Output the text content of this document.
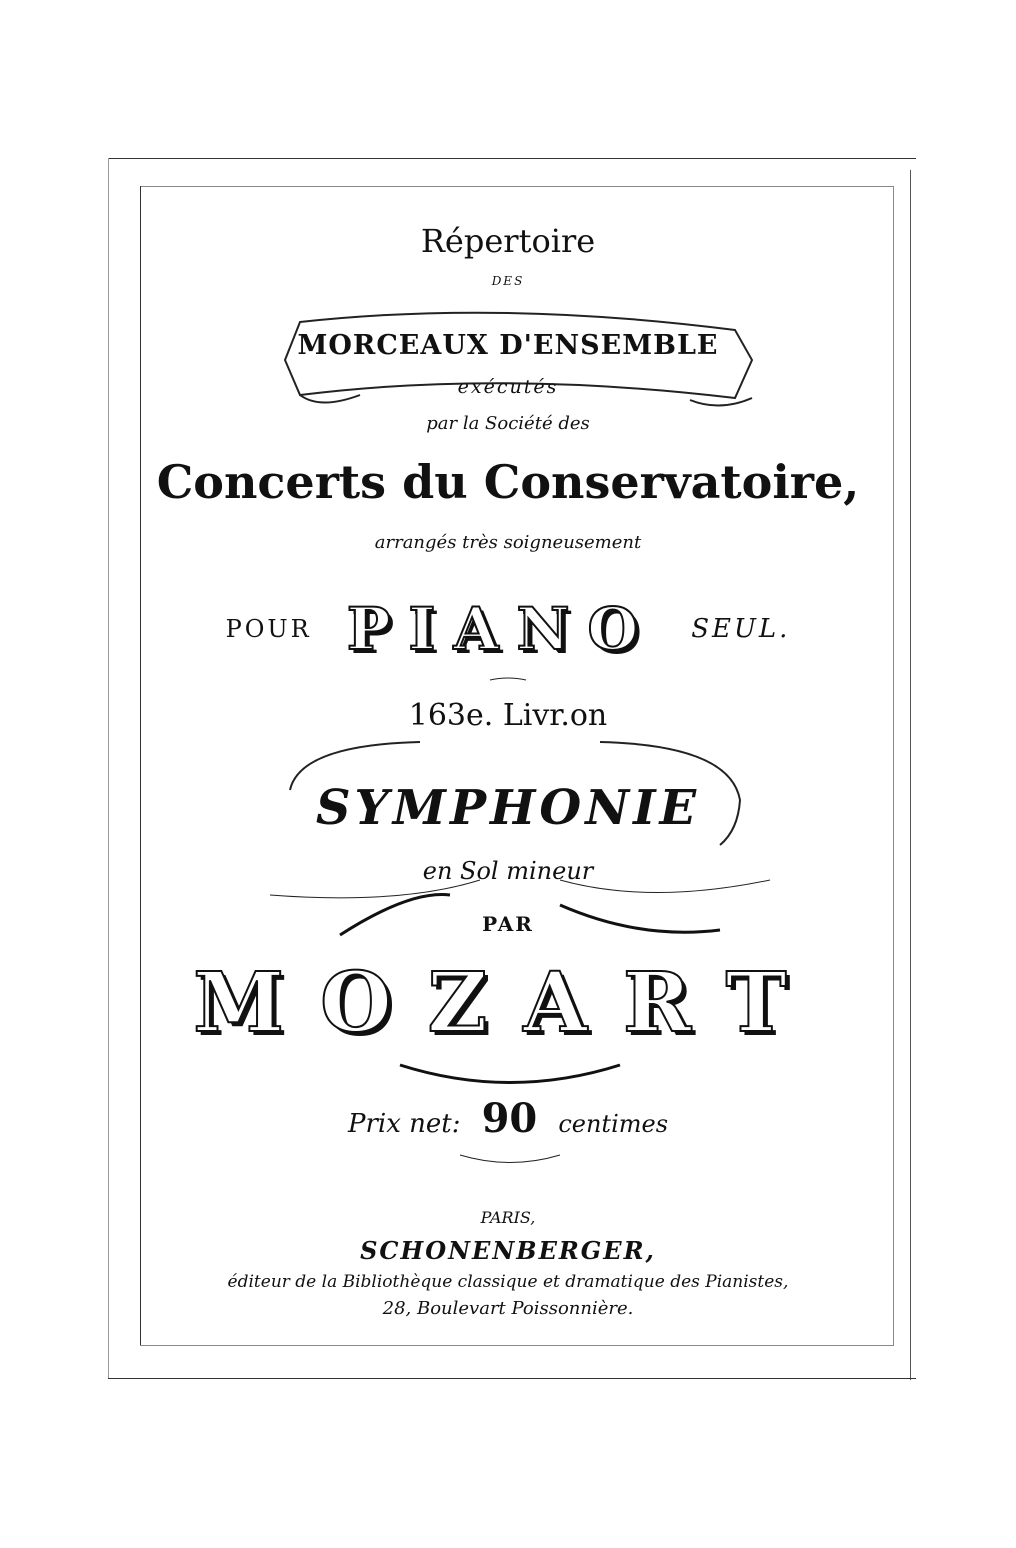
Répertoire
DES
MORCEAUX D'ENSEMBLE
exécutés
par la Société des
Concerts du Conservatoire,
arrangés très soigneusement
POUR PIANO SEUL.
163e. Livr.on
SYMPHONIE
en Sol mineur
PAR
MOZART
Prix net: 90 centimes
PARIS,
SCHONENBERGER,
éditeur de la Bibliothèque classique et dramatique des Pianistes,
28, Boulevart Poissonnière.
